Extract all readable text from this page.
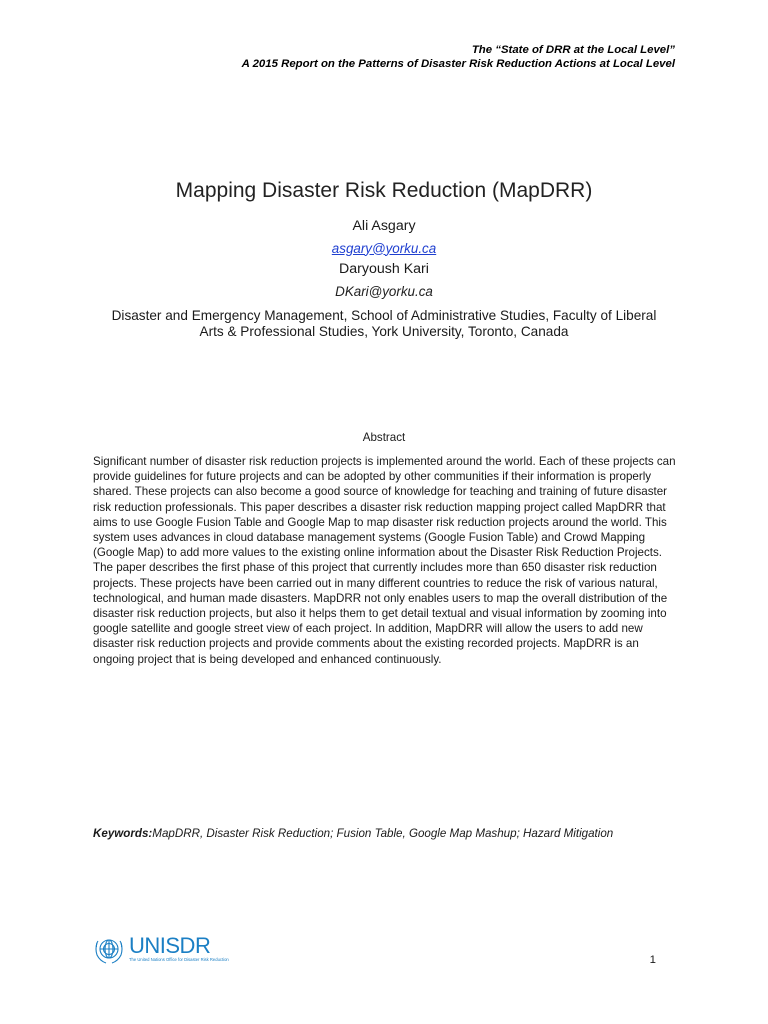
The “State of DRR at the Local Level”
A 2015 Report on the Patterns of Disaster Risk Reduction Actions at Local Level
Mapping Disaster Risk Reduction (MapDRR)

Ali Asgary

asgary@yorku.ca

Daryoush Kari

DKari@yorku.ca
Disaster and Emergency Management, School of Administrative Studies, Faculty of Liberal
Arts & Professional Studies, York University, Toronto, Canada
Abstract

Significant number of disaster risk reduction projects is implemented around the world. Each of these projects can provide guidelines for future projects and can be adopted by other communities if their information is properly shared. These projects can also become a good source of knowledge for teaching and training of future disaster risk reduction professionals. This paper describes a disaster risk reduction mapping project called MapDRR that aims to use Google Fusion Table and Google Map to map disaster risk reduction projects around the world. This system uses advances in cloud database management systems (Google Fusion Table) and Crowd Mapping (Google Map) to add more values to the existing online information about the Disaster Risk Reduction Projects. The paper describes the first phase of this project that currently includes more than 650 disaster risk reduction projects. These projects have been carried out in many different countries to reduce the risk of various natural, technological, and human made disasters. MapDRR not only enables users to map the overall distribution of the disaster risk reduction projects, but also it helps them to get detail textual and visual information by zooming into google satellite and google street view of each project. In addition, MapDRR will allow the users to add new disaster risk reduction projects and provide comments about the existing recorded projects. MapDRR is an ongoing project that is being developed and enhanced continuously.

Keywords:MapDRR, Disaster Risk Reduction; Fusion Table, Google Map Mashup; Hazard Mitigation
UNISDR
The United Nations Office for Disaster Risk Reduction	1
